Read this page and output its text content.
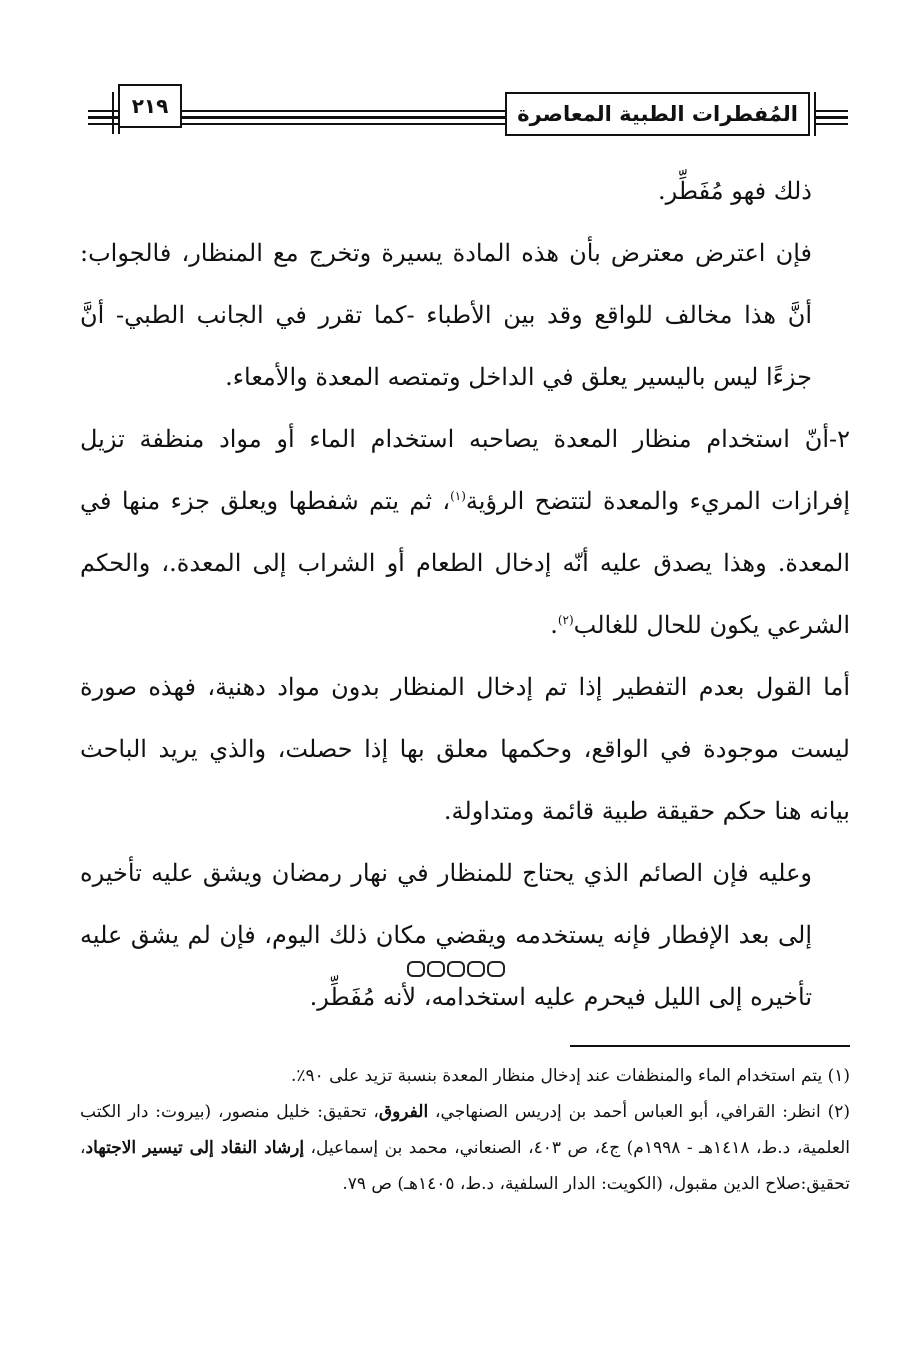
المُفطرات الطبية المعاصرة
٢١٩

ذلك فهو مُفَطِّر.

فإن اعترض معترض بأن هذه المادة يسيرة وتخرج مع المنظار، فالجواب: أنَّ هذا مخالف للواقع وقد بين الأطباء -كما تقرر في الجانب الطبي- أنَّ جزءًا ليس باليسير يعلق في الداخل وتمتصه المعدة والأمعاء.

٢-أنّ استخدام منظار المعدة يصاحبه استخدام الماء أو مواد منظفة تزيل إفرازات المريء والمعدة لتتضح الرؤية$^{(١)}$، ثم يتم شفطها ويعلق جزء منها في المعدة. وهذا يصدق عليه أنّه إدخال الطعام أو الشراب إلى المعدة.، والحكم الشرعي يكون للحال للغالب$^{(٢)}$.

أما القول بعدم التفطير إذا تم إدخال المنظار بدون مواد دهنية، فهذه صورة ليست موجودة في الواقع، وحكمها معلق بها إذا حصلت، والذي يريد الباحث بيانه هنا حكم حقيقة طبية قائمة ومتداولة.

وعليه فإن الصائم الذي يحتاج للمنظار في نهار رمضان ويشق عليه تأخيره إلى بعد الإفطار فإنه يستخدمه ويقضي مكان ذلك اليوم، فإن لم يشق عليه تأخيره إلى الليل فيحرم عليه استخدامه، لأنه مُفَطِّر.

(١) يتم استخدام الماء والمنظفات عند إدخال منظار المعدة بنسبة تزيد على ٩٠٪.

(٢) انظر: القرافي، أبو العباس أحمد بن إدريس الصنهاجي، الفروق، تحقيق: خليل منصور، (بيروت: دار الكتب العلمية، د.ط، ١٤١٨هـ - ١٩٩٨م) ج٤، ص ٤٠٣، الصنعاني، محمد بن إسماعيل، إرشاد النقاد إلى تيسير الاجتهاد، تحقيق:صلاح الدين مقبول، (الكويت: الدار السلفية، د.ط، ١٤٠٥هـ) ص ٧٩.
